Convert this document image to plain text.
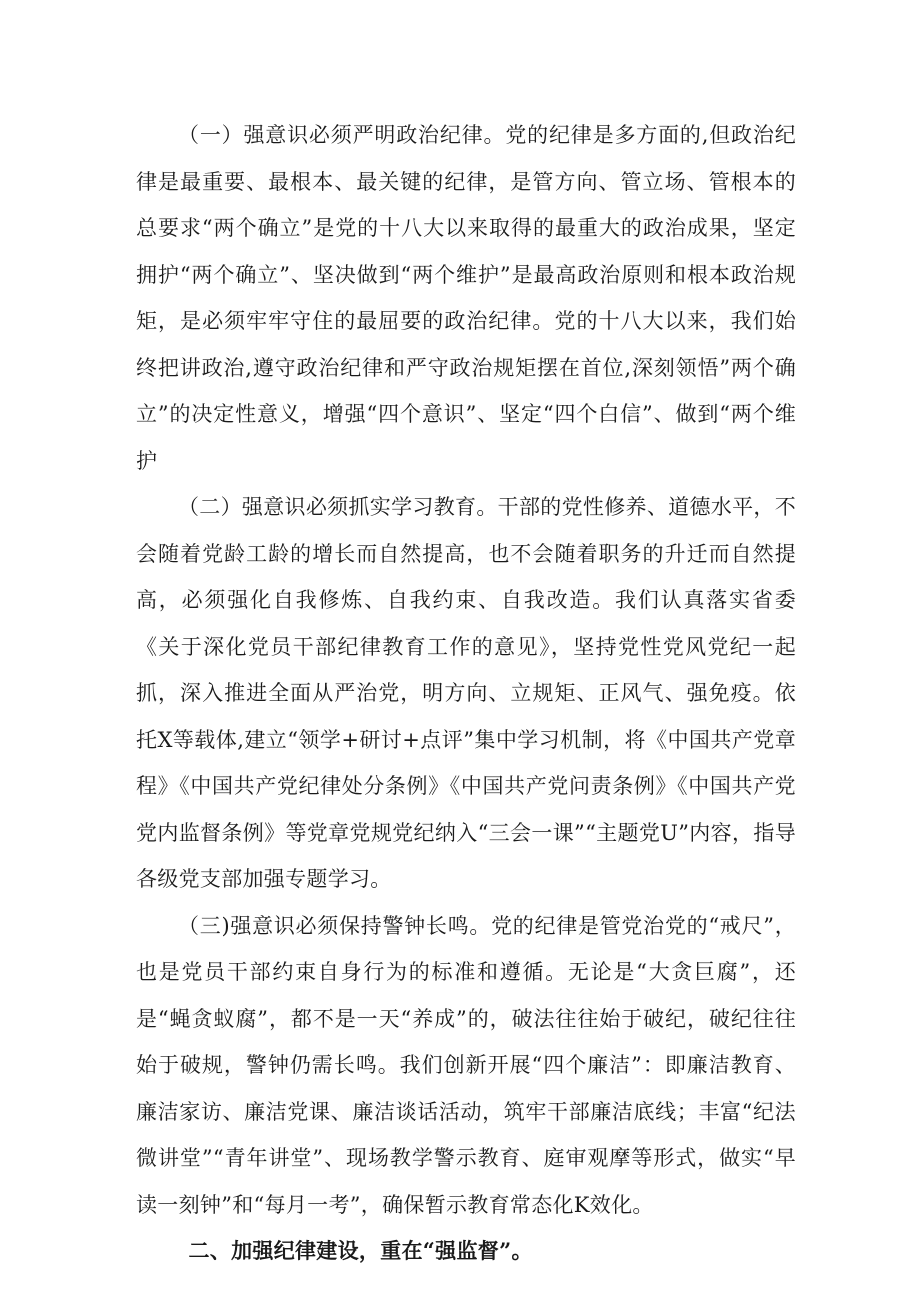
（一）强意识必须严明政治纪律。党的纪律是多方面的,但政治纪律是最重要、最根本、最关键的纪律，是管方向、管立场、管根本的总要求“两个确立”是党的十八大以来取得的最重大的政治成果，坚定拥护“两个确立”、坚决做到“两个维护”是最高政治原则和根本政治规矩，是必须牢牢守住的最屈要的政治纪律。党的十八大以来，我们始终把讲政治,遵守政治纪律和严守政治规矩摆在首位,深刻领悟”两个确立”的决定性意义，增强“四个意识”、坚定“四个白信”、做到“两个维护

（二）强意识必须抓实学习教育。干部的党性修养、道德水平，不会随着党龄工龄的增长而自然提高，也不会随着职务的升迁而自然提高，必须强化自我修炼、自我约束、自我改造。我们认真落实省委《关于深化党员干部纪律教育工作的意见》，坚持党性党风党纪一起抓，深入推进全面从严治党，明方向、立规矩、正风气、强免疫。依托X等载体,建立“领学+研讨+点评”集中学习机制，将《中国共产党章程》《中国共产党纪律处分条例》《中国共产党问责条例》《中国共产党党内监督条例》等党章党规党纪纳入“三会一课”“主题党U”内容，指导各级党支部加强专题学习。

（三)强意识必须保持警钟长鸣。党的纪律是管党治党的“戒尺”，也是党员干部约束自身行为的标准和遵循。无论是“大贪巨腐”，还是“蝇贪蚁腐”，都不是一天“养成”的，破法往往始于破纪，破纪往往始于破规，警钟仍需长鸣。我们创新开展“四个廉洁”：即廉洁教育、廉洁家访、廉洁党课、廉洁谈话活动，筑牢干部廉洁底线；丰富“纪法微讲堂”“青年讲堂”、现场教学警示教育、庭审观摩等形式，做实“早读一刻钟”和“每月一考”，确保暂示教育常态化K效化。

二、加强纪律建设，重在“强监督”。
